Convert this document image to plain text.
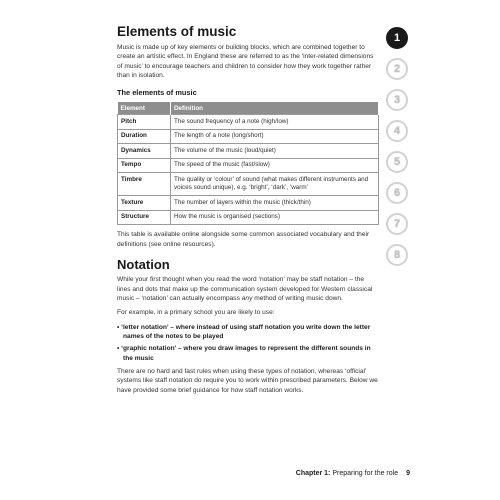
Elements of music

Music is made up of key elements or building blocks, which are combined together to create an artistic effect. In England these are referred to as the ‘inter-related dimensions of music’ to encourage teachers and children to consider how they work together rather than in isolation.

The elements of music
Element	Definition
Pitch	The sound frequency of a note (high/low)
Duration	The length of a note (long/short)
Dynamics	The volume of the music (loud/quiet)
Tempo	The speed of the music (fast/slow)
Timbre	The quality or ‘colour’ of sound (what makes different instruments and voices sound unique), e.g. ‘bright’, ‘dark’, ‘warm’
Texture	The number of layers within the music (thick/thin)
Structure	How the music is organised (sections)

This table is available online alongside some common associated vocabulary and their definitions (see online resources).

Notation

While your first thought when you read the word ‘notation’ may be staff notation – the lines and dots that make up the communication system developed for Western classical music – ‘notation’ can actually encompass any method of writing music down.

For example, in a primary school you are likely to use:

• ‘letter notation’ – where instead of using staff notation you write down the letter names of the notes to be played
• ‘graphic notation’ – where you draw images to represent the different sounds in the music

There are no hard and fast rules when using these types of notation, whereas ‘official’ systems like staff notation do require you to work within prescribed parameters. Below we have provided some brief guidance for how staff notation works.

1
2
3
4
5
6
7
8
Chapter 1: Preparing for the role 9
